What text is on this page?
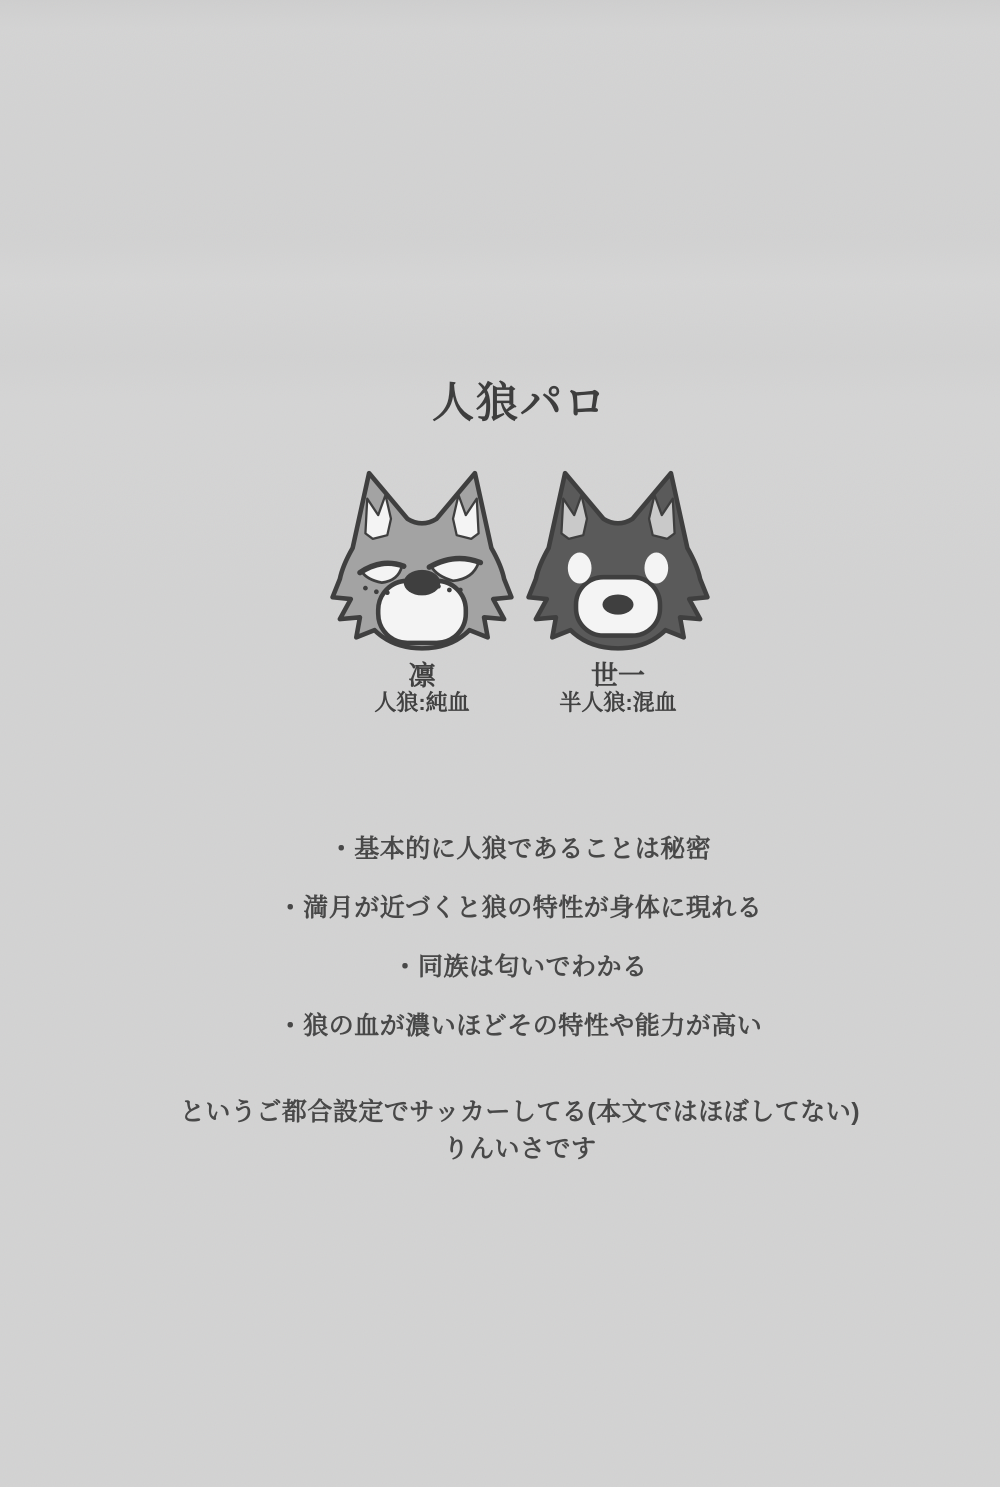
人狼パロ
凛
人狼:純血
世一
半人狼:混血
・基本的に人狼であることは秘密
・満月が近づくと狼の特性が身体に現れる
・同族は匂いでわかる
・狼の血が濃いほどその特性や能力が高い
というご都合設定でサッカーしてる(本文ではほぼしてない)
りんいさです
